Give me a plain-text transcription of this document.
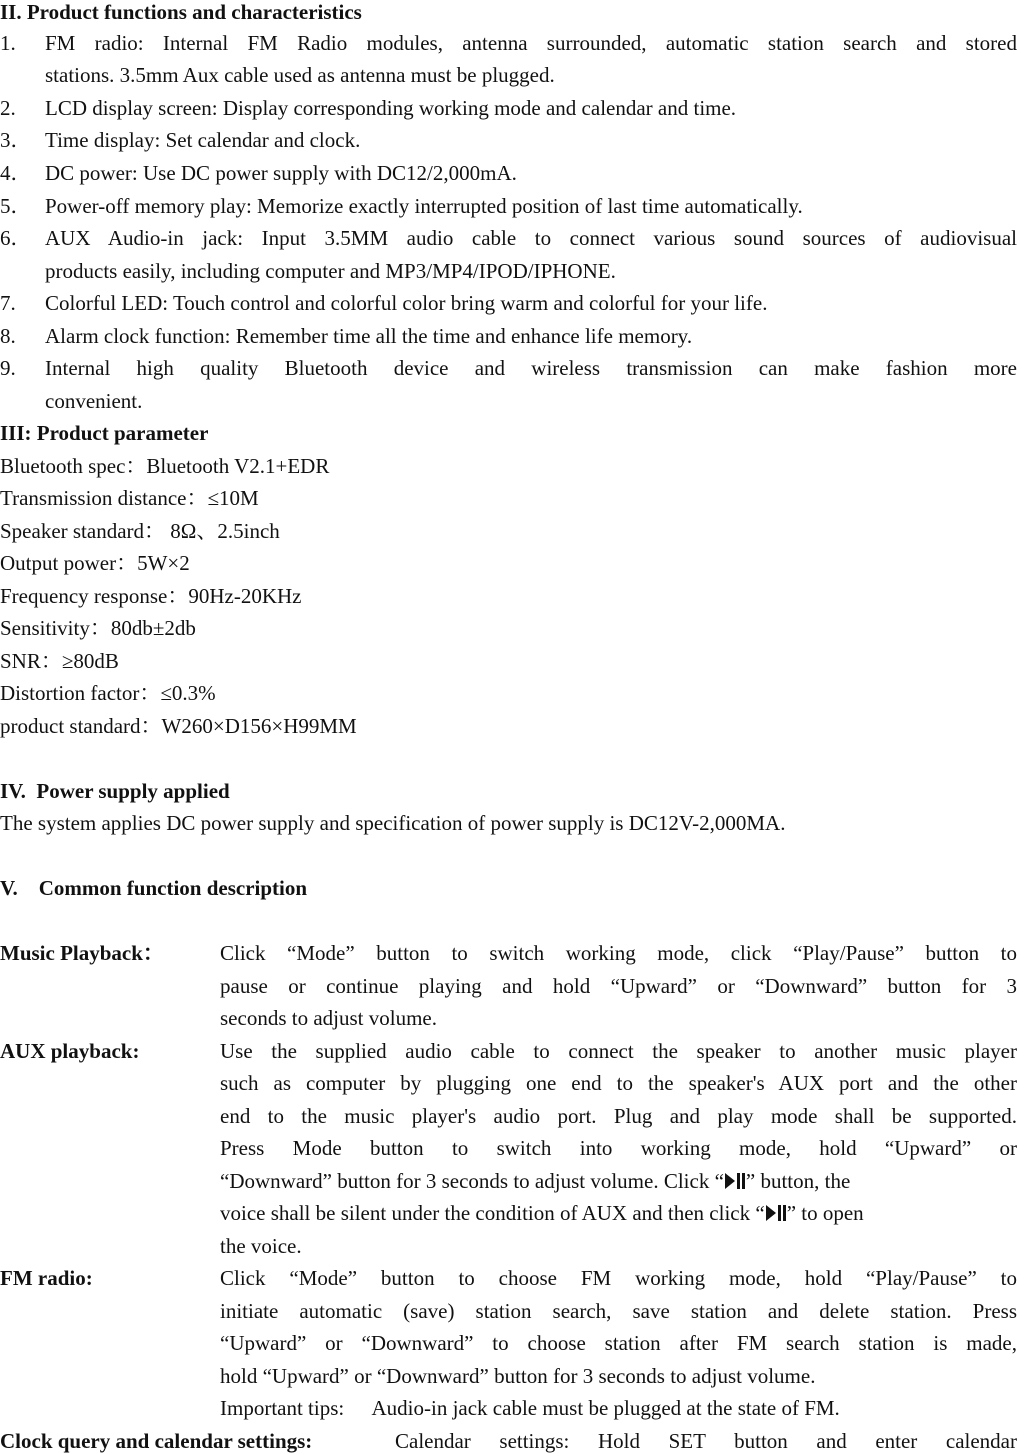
II. Product functions and characteristics
1. FM radio: Internal FM Radio modules, antenna surrounded, automatic station search and stored
stations. 3.5mm Aux cable used as antenna must be plugged.
2. LCD display screen: Display corresponding working mode and calendar and time.
3． Time display: Set calendar and clock.
4． DC power: Use DC power supply with DC12/2,000mA.
5． Power-off memory play: Memorize exactly interrupted position of last time automatically.
6． AUX Audio-in jack: Input 3.5MM audio cable to connect various sound sources of audiovisual
products easily, including computer and MP3/MP4/IPOD/IPHONE.
7. Colorful LED: Touch control and colorful color bring warm and colorful for your life.
8. Alarm clock function: Remember time all the time and enhance life memory.
9. Internal high quality Bluetooth device and wireless transmission can make fashion more
convenient.
III: Product parameter
Bluetooth spec：Bluetooth V2.1+EDR
Transmission distance：≤10M
Speaker standard： 8Ω、2.5inch
Output power：5W×2
Frequency response：90Hz-20KHz
Sensitivity：80db±2db
SNR：≥80dB
Distortion factor：≤0.3%
product standard：W260×D156×H99MM
IV.  Power supply applied
The system applies DC power supply and specification of power supply is DC12V-2,000MA.
V.    Common function description
Music Playback：	Click “Mode” button to switch working mode, click “Play/Pause” button to
pause or continue playing and hold “Upward” or “Downward” button for 3
seconds to adjust volume.
AUX playback:	Use the supplied audio cable to connect the speaker to another music player
such as computer by plugging one end to the speaker's AUX port and the other
end to the music player's audio port. Plug and play mode shall be supported.
Press Mode button to switch into working mode, hold “Upward” or
“Downward” button for 3 seconds to adjust volume. Click “ ” button, the
voice shall be silent under the condition of AUX and then click “ ” to open
the voice.
FM radio:	Click “Mode” button to choose FM working mode, hold “Play/Pause” to
initiate automatic (save) station search, save station and delete station. Press
“Upward” or “Downward” to choose station after FM search station is made,
hold “Upward” or “Downward” button for 3 seconds to adjust volume.
Important tips: Audio-in jack cable must be plugged at the state of FM.
Clock query and calendar settings:	Calendar settings: Hold SET button and enter calendar
